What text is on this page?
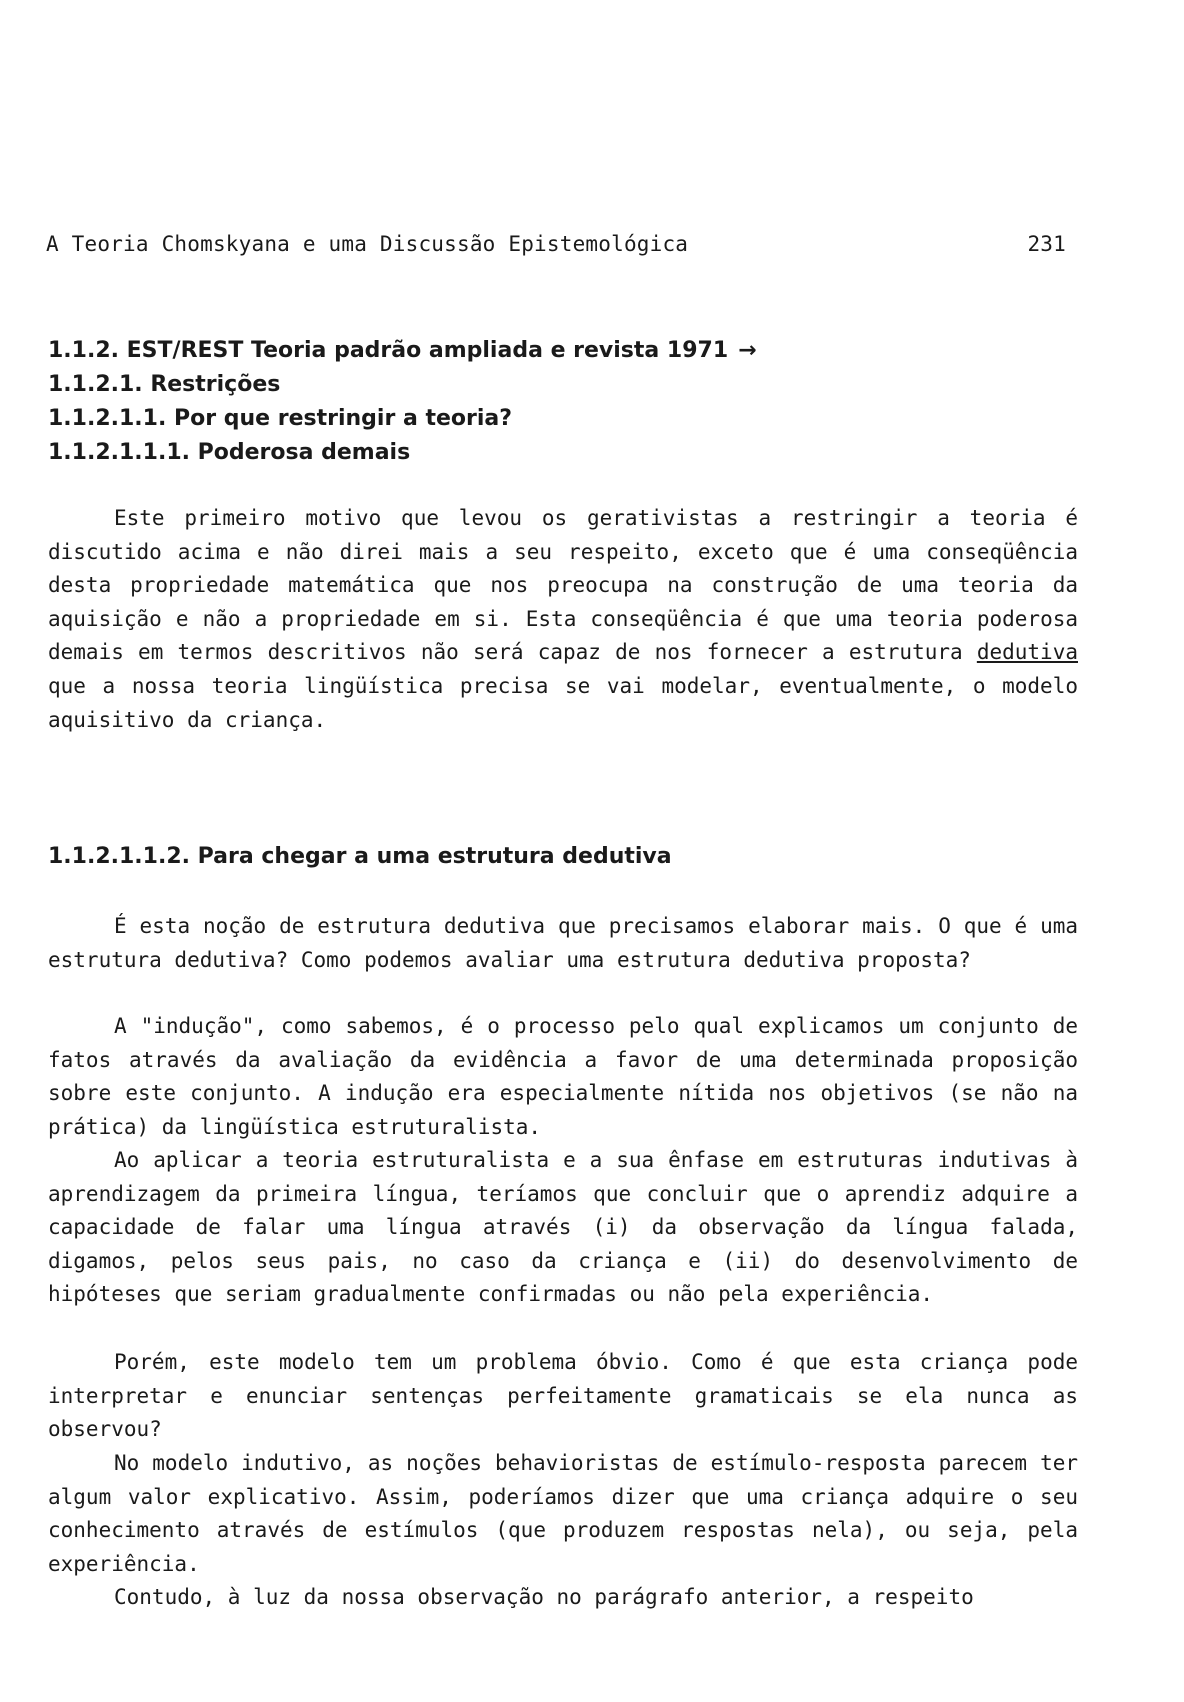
A Teoria Chomskyana e uma Discussão Epistemológica	231
1.1.2. EST/REST Teoria padrão ampliada e revista 1971 →
1.1.2.1. Restrições
1.1.2.1.1. Por que restringir a teoria?
1.1.2.1.1.1. Poderosa demais

Este primeiro motivo que levou os gerativistas a restringir a teoria é discutido acima e não direi mais a seu respeito, exceto que é uma conseqüência desta propriedade matemática que nos preocupa na construção de uma teoria da aquisição e não a propriedade em si. Esta conseqüência é que uma teoria poderosa demais em termos descritivos não será capaz de nos fornecer a estrutura dedutiva que a nossa teoria lingüística precisa se vai modelar, eventualmente, o modelo aquisitivo da criança.

1.1.2.1.1.2. Para chegar a uma estrutura dedutiva

É esta noção de estrutura dedutiva que precisamos elaborar mais. O que é uma estrutura dedutiva? Como podemos avaliar uma estrutura dedutiva proposta?

A "indução", como sabemos, é o processo pelo qual explicamos um conjunto de fatos através da avaliação da evidência a favor de uma determinada proposição sobre este conjunto. A indução era especialmente nítida nos objetivos (se não na prática) da lingüística estruturalista.

Ao aplicar a teoria estruturalista e a sua ênfase em estruturas indutivas à aprendizagem da primeira língua, teríamos que concluir que o aprendiz adquire a capacidade de falar uma língua através (i) da observação da língua falada, digamos, pelos seus pais, no caso da criança e (ii) do desenvolvimento de hipóteses que seriam gradualmente confirmadas ou não pela experiência.

Porém, este modelo tem um problema óbvio. Como é que esta criança pode interpretar e enunciar sentenças perfeitamente gramaticais se ela nunca as observou?

No modelo indutivo, as noções behavioristas de estímulo-resposta parecem ter algum valor explicativo. Assim, poderíamos dizer que uma criança adquire o seu conhecimento através de estímulos (que produzem respostas nela), ou seja, pela experiência.

Contudo, à luz da nossa observação no parágrafo anterior, a respeito
